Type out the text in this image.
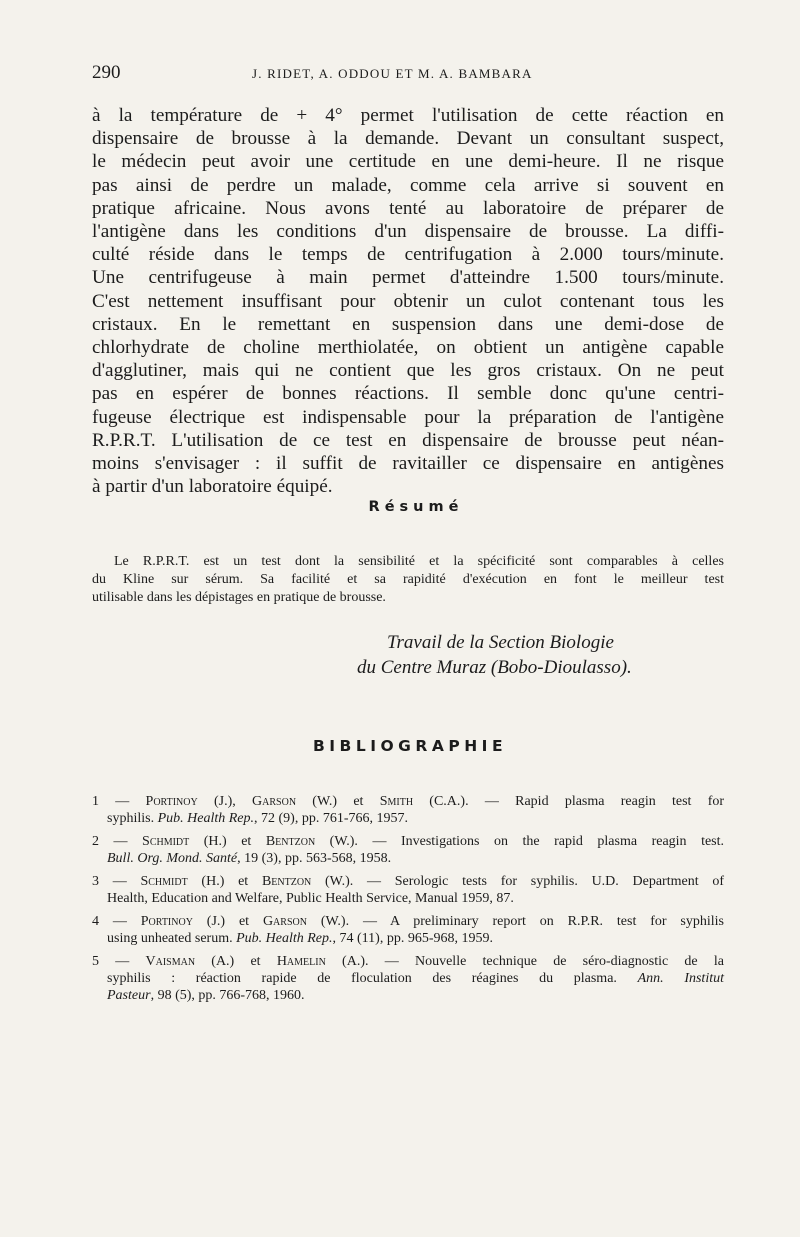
290	J. RIDET, A. ODDOU ET M. A. BAMBARA

à la température de + 4° permet l'utilisation de cette réaction en
dispensaire de brousse à la demande. Devant un consultant suspect,
le médecin peut avoir une certitude en une demi-heure. Il ne risque
pas ainsi de perdre un malade, comme cela arrive si souvent en
pratique africaine. Nous avons tenté au laboratoire de préparer de
l'antigène dans les conditions d'un dispensaire de brousse. La diffi-
culté réside dans le temps de centrifugation à 2.000 tours/minute.
Une centrifugeuse à main permet d'atteindre 1.500 tours/minute.
C'est nettement insuffisant pour obtenir un culot contenant tous les
cristaux. En le remettant en suspension dans une demi-dose de
chlorhydrate de choline merthiolatée, on obtient un antigène capable
d'agglutiner, mais qui ne contient que les gros cristaux. On ne peut
pas en espérer de bonnes réactions. Il semble donc qu'une centri-
fugeuse électrique est indispensable pour la préparation de l'antigène
R.P.R.T. L'utilisation de ce test en dispensaire de brousse peut néan-
moins s'envisager : il suffit de ravitailler ce dispensaire en antigènes
à partir d'un laboratoire équipé.

Résumé

Le R.P.R.T. est un test dont la sensibilité et la spécificité sont comparables à celles
du Kline sur sérum. Sa facilité et sa rapidité d'exécution en font le meilleur test
utilisable dans les dépistages en pratique de brousse.

Travail de la Section Biologie
du Centre Muraz (Bobo-Dioulasso).
BIBLIOGRAPHIE
1 — Portinoy (J.), Garson (W.) et Smith (C.A.). — Rapid plasma reagin test for
syphilis. Pub. Health Rep., 72 (9), pp. 761-766, 1957.
2 — Schmidt (H.) et Bentzon (W.). — Investigations on the rapid plasma reagin test.
Bull. Org. Mond. Santé, 19 (3), pp. 563-568, 1958.
3 — Schmidt (H.) et Bentzon (W.). — Serologic tests for syphilis. U.D. Department of
Health, Education and Welfare, Public Health Service, Manual 1959, 87.
4 — Portinoy (J.) et Garson (W.). — A preliminary report on R.P.R. test for syphilis
using unheated serum. Pub. Health Rep., 74 (11), pp. 965-968, 1959.
5 — Vaisman (A.) et Hamelin (A.). — Nouvelle technique de séro-diagnostic de la
syphilis : réaction rapide de floculation des réagines du plasma. Ann. Institut
Pasteur, 98 (5), pp. 766-768, 1960.
